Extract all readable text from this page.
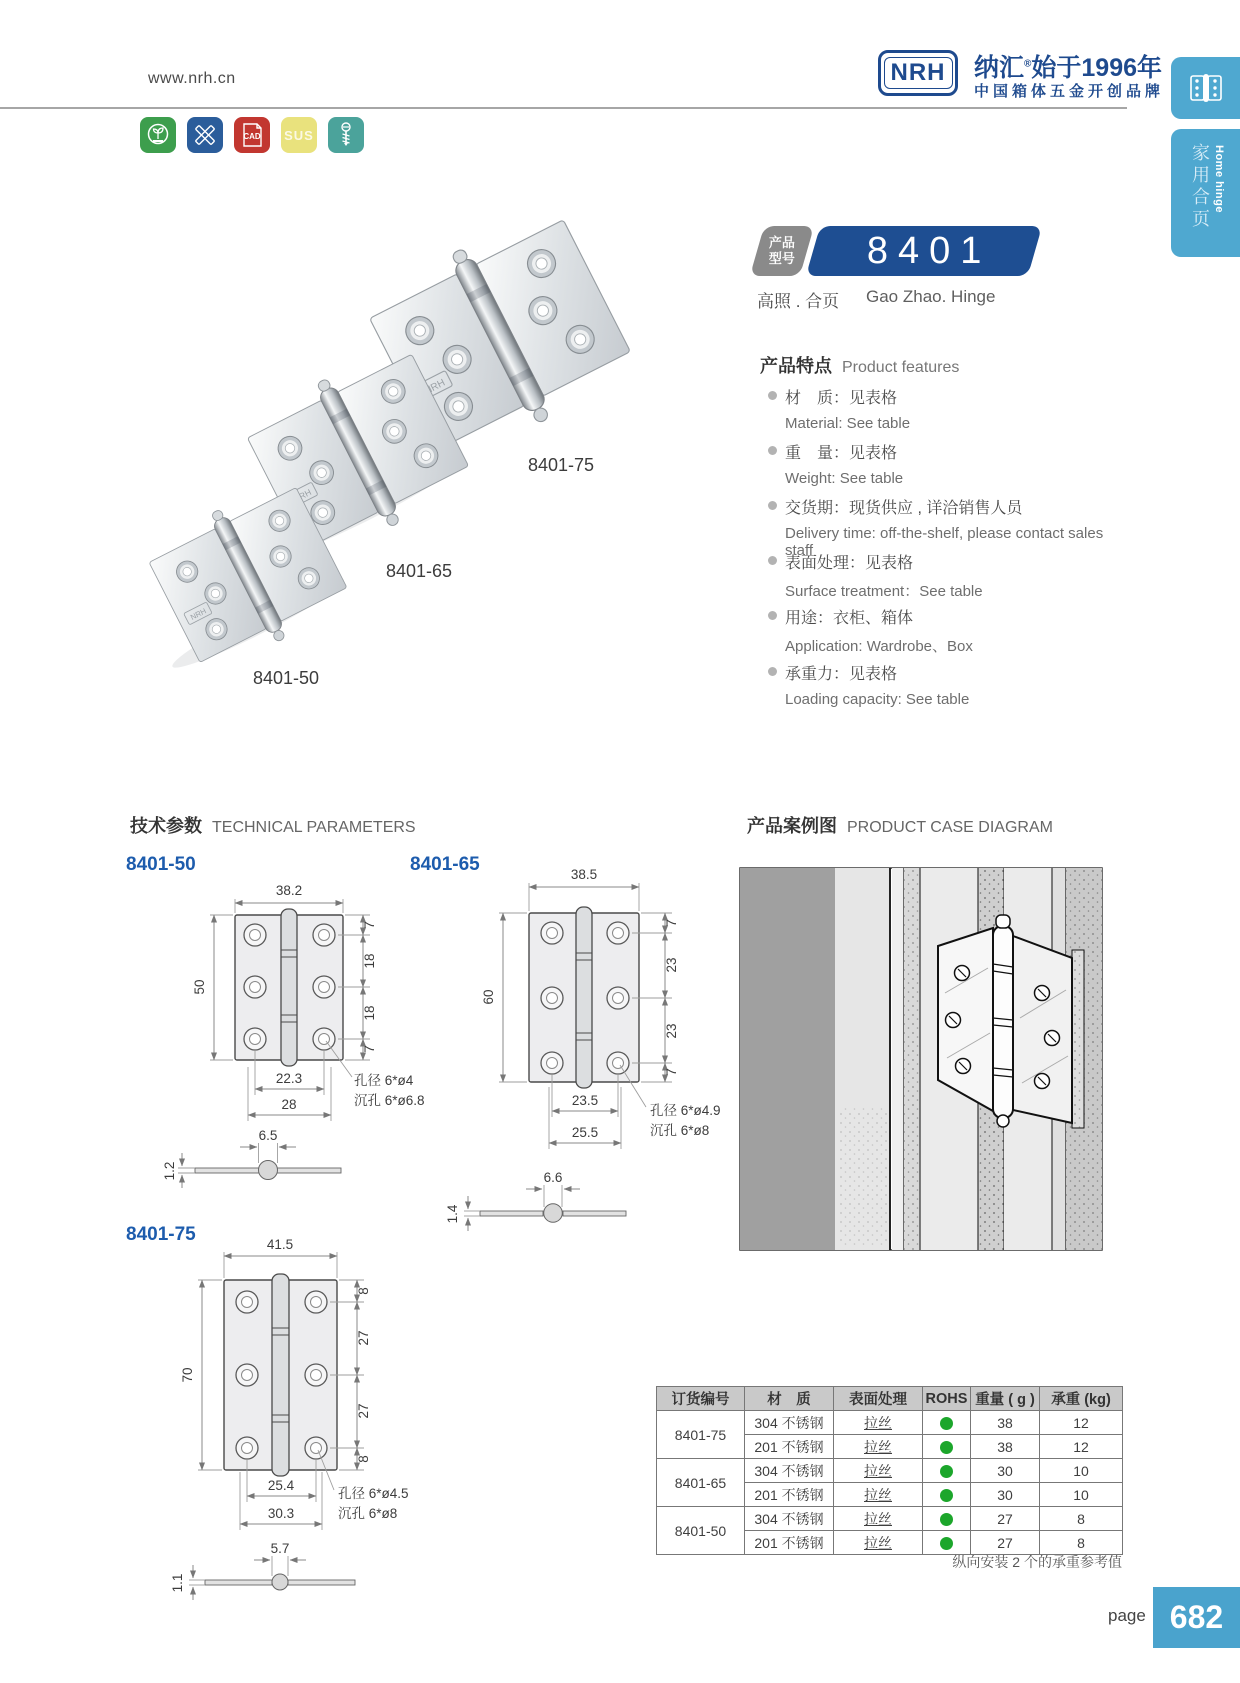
www.nrh.cn	NRH 纳汇®始于1996年
中国箱体五金开创品牌
家用合页 Home hinge
CAD SUS
NRH
8401-75
8401-65
8401-50
产品
型号 8401
高照 . 合页 Gao Zhao. Hinge
产品特点 Product features
材　质：见表格
Material: See table
重　量：见表格
Weight: See table
交货期：现货供应 , 详洽销售人员
Delivery time: off-the-shelf, please contact sales staff
表面处理：见表格
Surface treatment：See table
用途：衣柜、箱体
Application: Wardrobe、Box
承重力：见表格
Loading capacity: See table
技术参数 TECHNICAL PARAMETERS	产品案例图 PRODUCT CASE DIAGRAM
8401-50	8401-65
8401-75
38.2
50
7
18
18
7
22.3
28
孔径 6*ø4
沉孔 6*ø6.8
6.5
1.2
38.5
60
7
23
23
7
23.5
25.5
孔径 6*ø4.9
沉孔 6*ø8
6.6
1.4
41.5
70
8
27
27
8
25.4
30.3
孔径 6*ø4.5
沉孔 6*ø8
5.7
1.1
订货编号	材　质	表面处理	ROHS	重量 ( g )	承重 (kg)
8401-75	304 不锈钢	拉丝		38	12
	201 不锈钢	拉丝		38	12
8401-65	304 不锈钢	拉丝		30	10
	201 不锈钢	拉丝		30	10
8401-50	304 不锈钢	拉丝		27	8
	201 不锈钢	拉丝		27	8
纵向安装 2 个的承重参考值
page 682
